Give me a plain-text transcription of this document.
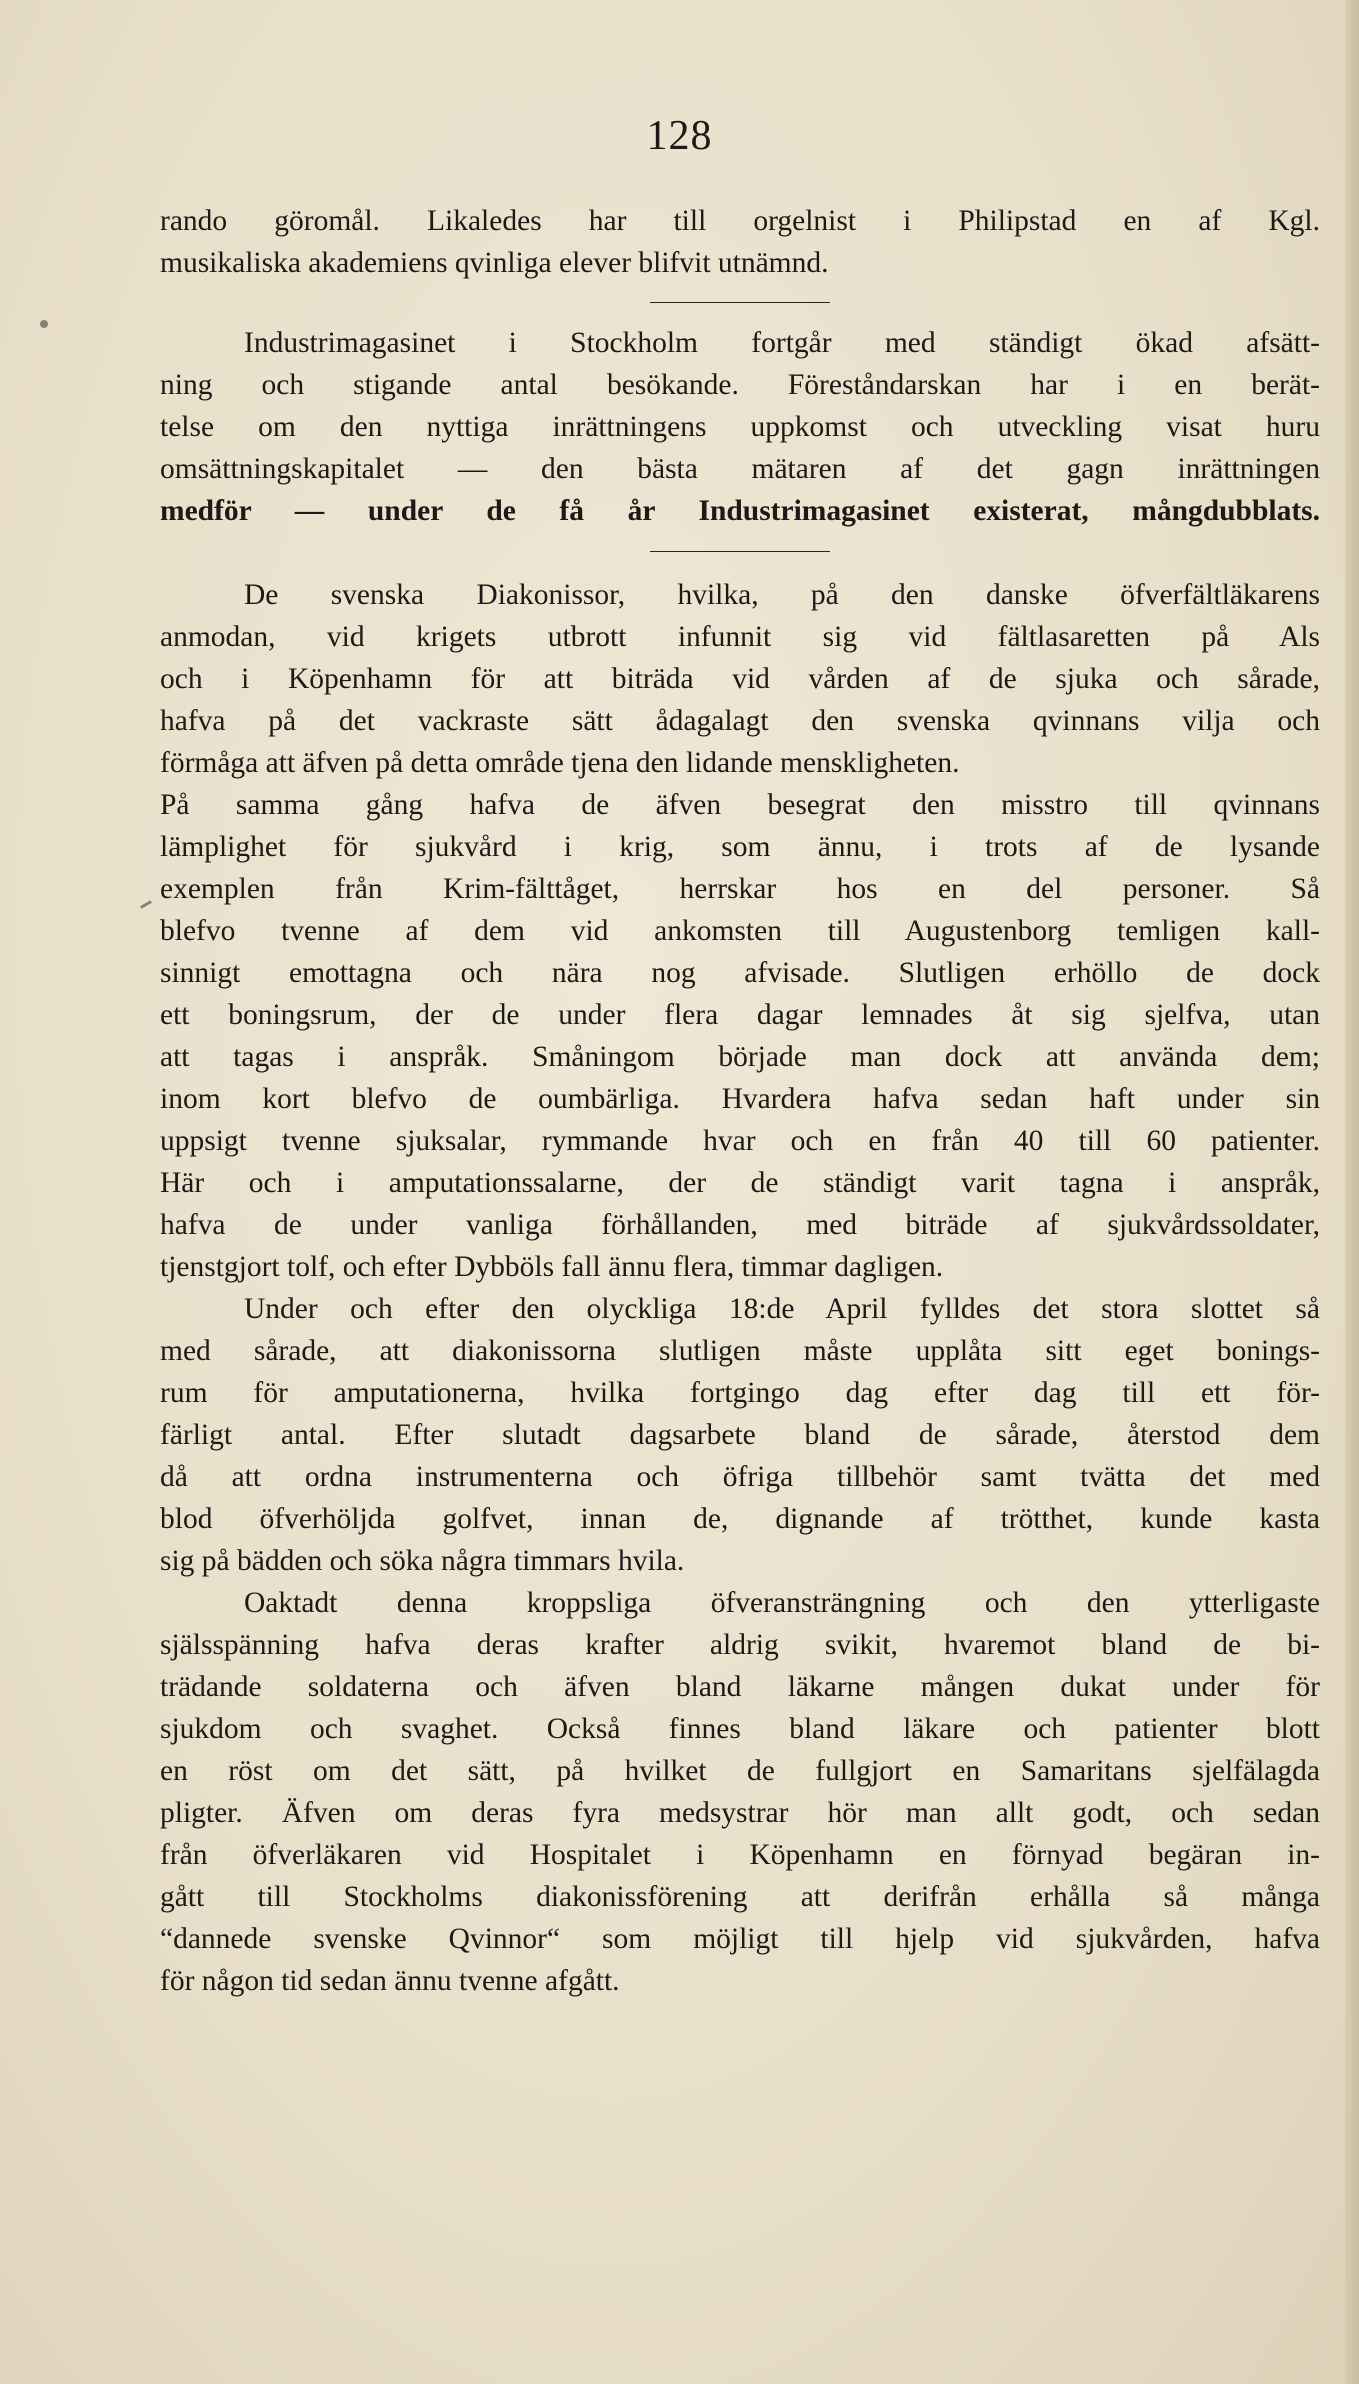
128
rando göromål. Likaledes har till orgelnist i Philipstad en af Kgl.
musikaliska akademiens qvinliga elever blifvit utnämnd.
Industrimagasinet i Stockholm fortgår med ständigt ökad afsätt-
ning och stigande antal besökande. Föreståndarskan har i en berät-
telse om den nyttiga inrättningens uppkomst och utveckling visat huru
omsättningskapitalet — den bästa mätaren af det gagn inrättningen
medför — under de få år Industrimagasinet existerat, mångdubblats.
De svenska Diakonissor, hvilka, på den danske öfverfältläkarens
anmodan, vid krigets utbrott infunnit sig vid fältlasaretten på Als
och i Köpenhamn för att biträda vid vården af de sjuka och sårade,
hafva på det vackraste sätt ådagalagt den svenska qvinnans vilja och
förmåga att äfven på detta område tjena den lidande menskligheten.
På samma gång hafva de äfven besegrat den misstro till qvinnans
lämplighet för sjukvård i krig, som ännu, i trots af de lysande
exemplen från Krim-fälttåget, herrskar hos en del personer. Så
blefvo tvenne af dem vid ankomsten till Augustenborg temligen kall-
sinnigt emottagna och nära nog afvisade. Slutligen erhöllo de dock
ett boningsrum, der de under flera dagar lemnades åt sig sjelfva, utan
att tagas i anspråk. Småningom började man dock att använda dem;
inom kort blefvo de oumbärliga. Hvardera hafva sedan haft under sin
uppsigt tvenne sjuksalar, rymmande hvar och en från 40 till 60 patienter.
Här och i amputationssalarne, der de ständigt varit tagna i anspråk,
hafva de under vanliga förhållanden, med biträde af sjukvårdssoldater,
tjenstgjort tolf, och efter Dybböls fall ännu flera, timmar dagligen.
Under och efter den olyckliga 18:de April fylldes det stora slottet så
med sårade, att diakonissorna slutligen måste upplåta sitt eget bonings-
rum för amputationerna, hvilka fortgingo dag efter dag till ett för-
färligt antal. Efter slutadt dagsarbete bland de sårade, återstod dem
då att ordna instrumenterna och öfriga tillbehör samt tvätta det med
blod öfverhöljda golfvet, innan de, dignande af trötthet, kunde kasta
sig på bädden och söka några timmars hvila.
Oaktadt denna kroppsliga öfveransträngning och den ytterligaste
själsspänning hafva deras krafter aldrig svikit, hvaremot bland de bi-
trädande soldaterna och äfven bland läkarne mången dukat under för
sjukdom och svaghet. Också finnes bland läkare och patienter blott
en röst om det sätt, på hvilket de fullgjort en Samaritans sjelfälagda
pligter. Äfven om deras fyra medsystrar hör man allt godt, och sedan
från öfverläkaren vid Hospitalet i Köpenhamn en förnyad begäran in-
gått till Stockholms diakonissförening att derifrån erhålla så många
“dannede svenske Qvinnor“ som möjligt till hjelp vid sjukvården, hafva
för någon tid sedan ännu tvenne afgått.
